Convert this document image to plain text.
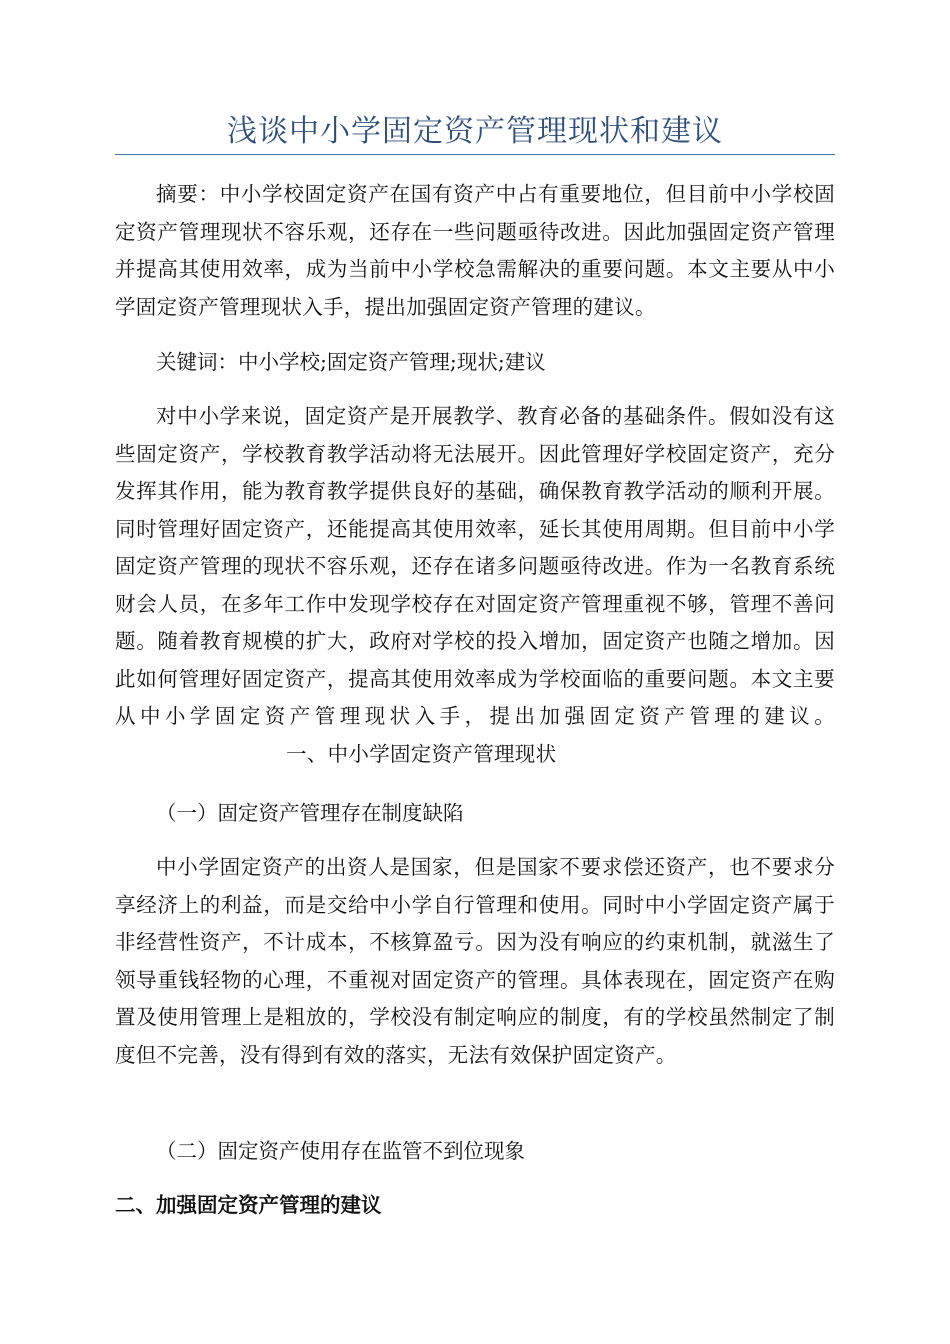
浅谈中小学固定资产管理现状和建议

摘要：中小学校固定资产在国有资产中占有重要地位，但目前中小学校固定资产管理现状不容乐观，还存在一些问题亟待改进。因此加强固定资产管理并提高其使用效率，成为当前中小学校急需解决的重要问题。本文主要从中小学固定资产管理现状入手，提出加强固定资产管理的建议。

关键词：中小学校;固定资产管理;现状;建议

对中小学来说，固定资产是开展教学、教育必备的基础条件。假如没有这些固定资产，学校教育教学活动将无法展开。因此管理好学校固定资产，充分发挥其作用，能为教育教学提供良好的基础，确保教育教学活动的顺利开展。同时管理好固定资产，还能提高其使用效率，延长其使用周期。但目前中小学固定资产管理的现状不容乐观，还存在诸多问题亟待改进。作为一名教育系统财会人员，在多年工作中发现学校存在对固定资产管理重视不够，管理不善问题。随着教育规模的扩大，政府对学校的投入增加，固定资产也随之增加。因此如何管理好固定资产，提高其使用效率成为学校面临的重要问题。本文主要从中小学固定资产管理现状入手，提出加强固定资产管理的建议。一、中小学固定资产管理现状

（一）固定资产管理存在制度缺陷

中小学固定资产的出资人是国家，但是国家不要求偿还资产，也不要求分享经济上的利益，而是交给中小学自行管理和使用。同时中小学固定资产属于非经营性资产，不计成本，不核算盈亏。因为没有响应的约束机制，就滋生了领导重钱轻物的心理，不重视对固定资产的管理。具体表现在，固定资产在购置及使用管理上是粗放的，学校没有制定响应的制度，有的学校虽然制定了制度但不完善，没有得到有效的落实，无法有效保护固定资产。

（二）固定资产使用存在监管不到位现象

二、加强固定资产管理的建议
